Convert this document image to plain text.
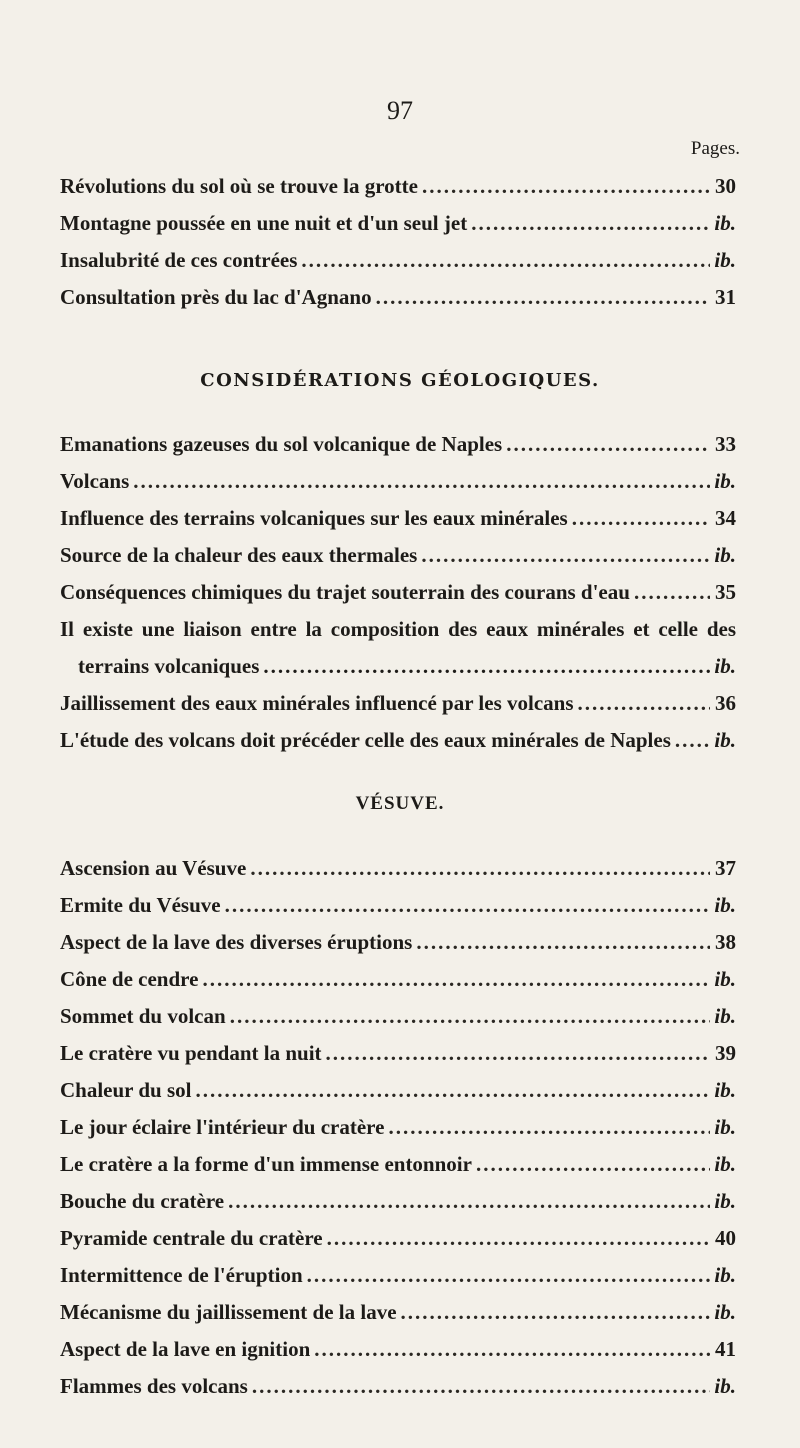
97
Pages.
Révolutions du sol où se trouve la grotte .....	30
Montagne poussée en une nuit et d'un seul jet .....	ib.
Insalubrité de ces contrées .....	ib.
Consultation près du lac d'Agnano .....	31
CONSIDÉRATIONS GÉOLOGIQUES.
Emanations gazeuses du sol volcanique de Naples .....	33
Volcans .....	ib.
Influence des terrains volcaniques sur les eaux minérales .....	34
Source de la chaleur des eaux thermales .....	ib.
Conséquences chimiques du trajet souterrain des courans d'eau .....	35
Il existe une liaison entre la composition des eaux minérales et celle des
terrains volcaniques .....	ib.
Jaillissement des eaux minérales influencé par les volcans .....	36
L'étude des volcans doit précéder celle des eaux minérales de Naples ..... ib.
VÉSUVE.
Ascension au Vésuve .....	37
Ermite du Vésuve .....	ib.
Aspect de la lave des diverses éruptions .....	38
Cône de cendre .....	ib.
Sommet du volcan .....	ib.
Le cratère vu pendant la nuit .....	39
Chaleur du sol .....	ib.
Le jour éclaire l'intérieur du cratère .....	ib.
Le cratère a la forme d'un immense entonnoir .....	ib.
Bouche du cratère .....	ib.
Pyramide centrale du cratère .....	40
Intermittence de l'éruption .....	ib.
Mécanisme du jaillissement de la lave .....	ib.
Aspect de la lave en ignition .....	41
Flammes des volcans .....	ib.
